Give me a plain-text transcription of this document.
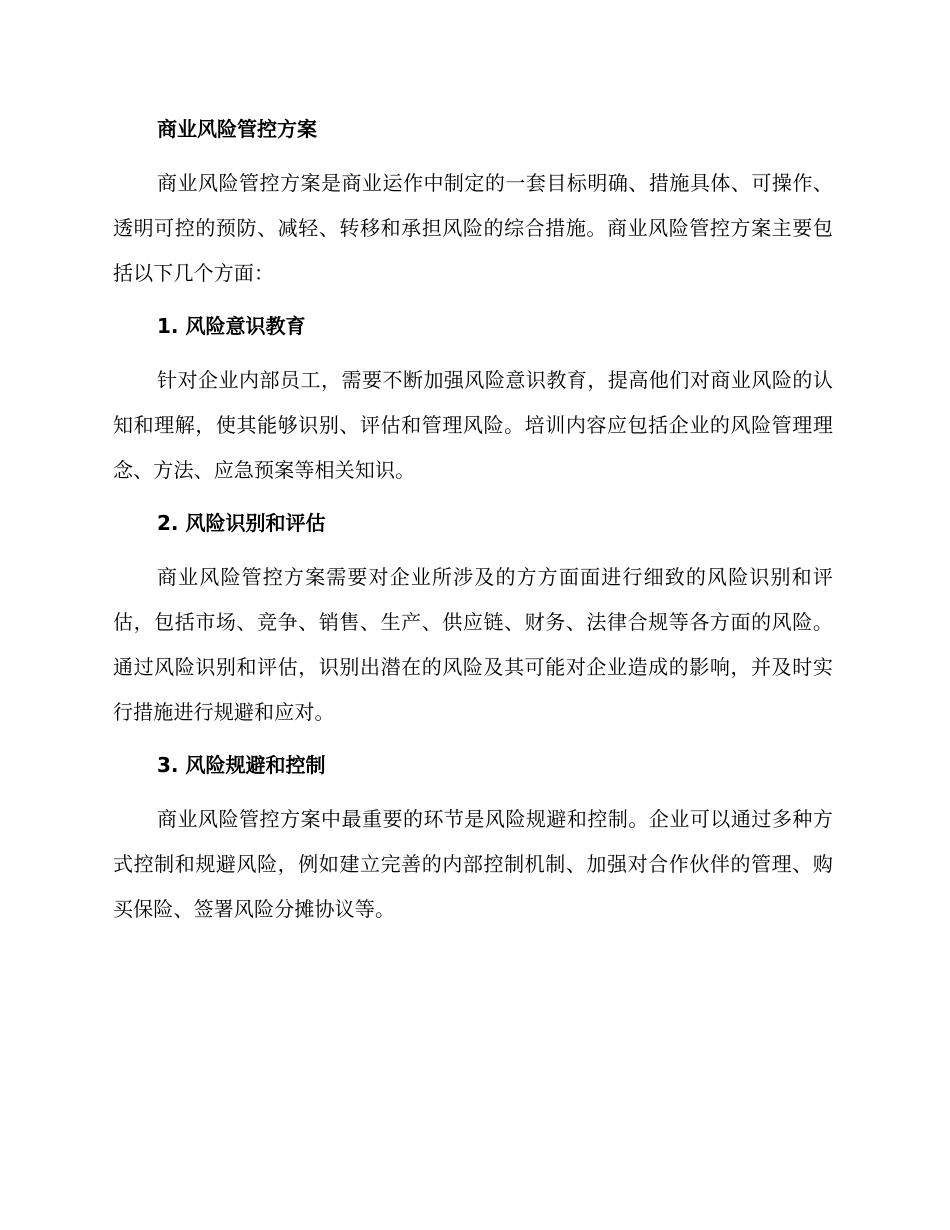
商业风险管控方案

商业风险管控方案是商业运作中制定的一套目标明确、措施具体、可操作、透明可控的预防、减轻、转移和承担风险的综合措施。商业风险管控方案主要包括以下几个方面：

1. 风险意识教育

针对企业内部员工，需要不断加强风险意识教育，提高他们对商业风险的认知和理解，使其能够识别、评估和管理风险。培训内容应包括企业的风险管理理念、方法、应急预案等相关知识。

2. 风险识别和评估

商业风险管控方案需要对企业所涉及的方方面面进行细致的风险识别和评估，包括市场、竞争、销售、生产、供应链、财务、法律合规等各方面的风险。通过风险识别和评估，识别出潜在的风险及其可能对企业造成的影响，并及时实行措施进行规避和应对。

3. 风险规避和控制

商业风险管控方案中最重要的环节是风险规避和控制。企业可以通过多种方式控制和规避风险，例如建立完善的内部控制机制、加强对合作伙伴的管理、购买保险、签署风险分摊协议等。
